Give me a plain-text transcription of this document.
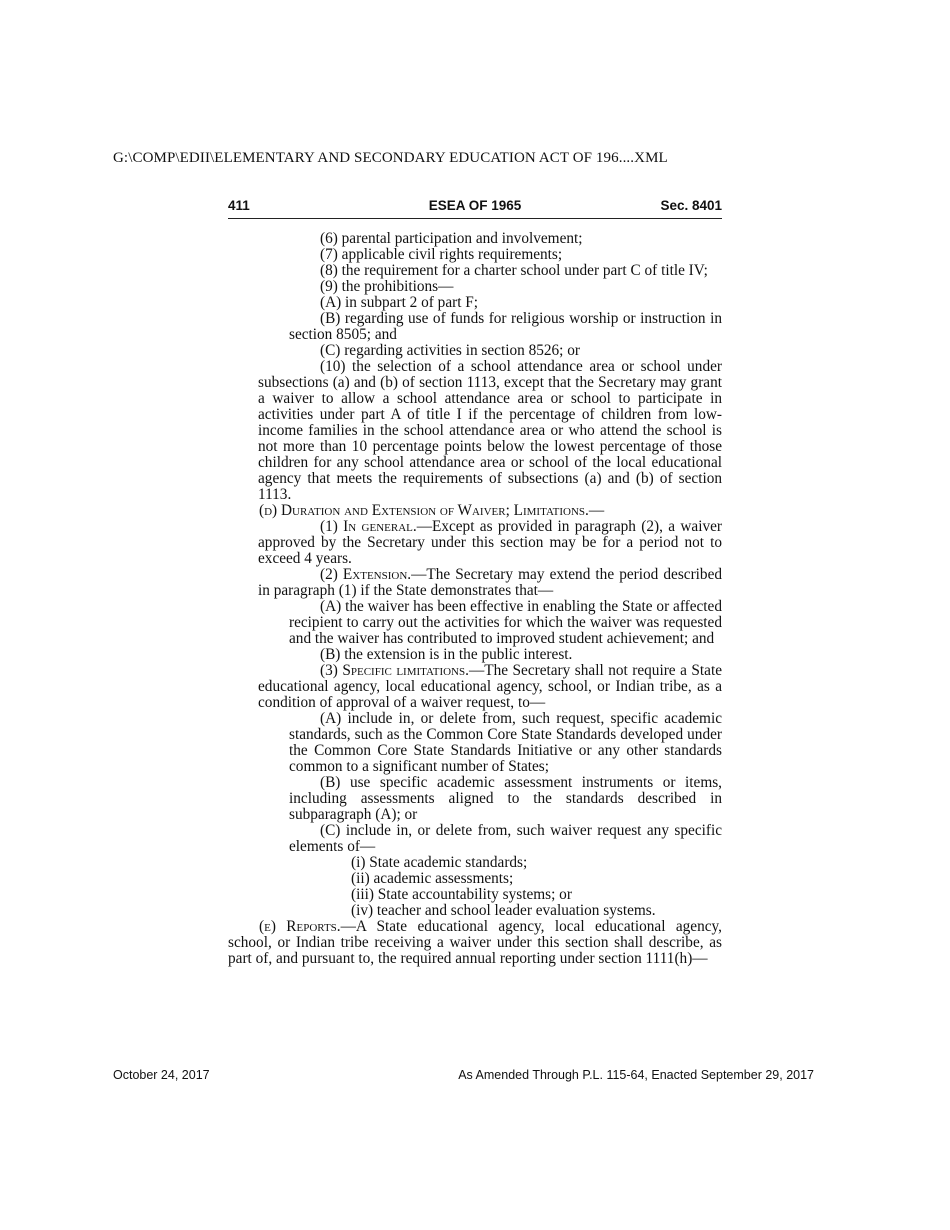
G:\COMP\EDII\ELEMENTARY AND SECONDARY EDUCATION ACT OF 196....XML
411	ESEA OF 1965	Sec. 8401

(6) parental participation and involvement;

(7) applicable civil rights requirements;

(8) the requirement for a charter school under part C of title IV;

(9) the prohibitions—

(A) in subpart 2 of part F;

(B) regarding use of funds for religious worship or instruction in section 8505; and

(C) regarding activities in section 8526; or

(10) the selection of a school attendance area or school under subsections (a) and (b) of section 1113, except that the Secretary may grant a waiver to allow a school attendance area or school to participate in activities under part A of title I if the percentage of children from low-income families in the school attendance area or who attend the school is not more than 10 percentage points below the lowest percentage of those children for any school attendance area or school of the local educational agency that meets the requirements of subsections (a) and (b) of section 1113.

(d) Duration and Extension of Waiver; Limitations.—

(1) In general.—Except as provided in paragraph (2), a waiver approved by the Secretary under this section may be for a period not to exceed 4 years.

(2) Extension.—The Secretary may extend the period described in paragraph (1) if the State demonstrates that—

(A) the waiver has been effective in enabling the State or affected recipient to carry out the activities for which the waiver was requested and the waiver has contributed to improved student achievement; and

(B) the extension is in the public interest.

(3) Specific limitations.—The Secretary shall not require a State educational agency, local educational agency, school, or Indian tribe, as a condition of approval of a waiver request, to—

(A) include in, or delete from, such request, specific academic standards, such as the Common Core State Standards developed under the Common Core State Standards Initiative or any other standards common to a significant number of States;

(B) use specific academic assessment instruments or items, including assessments aligned to the standards described in subparagraph (A); or

(C) include in, or delete from, such waiver request any specific elements of—

(i) State academic standards;

(ii) academic assessments;

(iii) State accountability systems; or

(iv) teacher and school leader evaluation systems.

(e) Reports.—A State educational agency, local educational agency, school, or Indian tribe receiving a waiver under this section shall describe, as part of, and pursuant to, the required annual reporting under section 1111(h)—

October 24, 2017	As Amended Through P.L. 115-64, Enacted September 29, 2017
